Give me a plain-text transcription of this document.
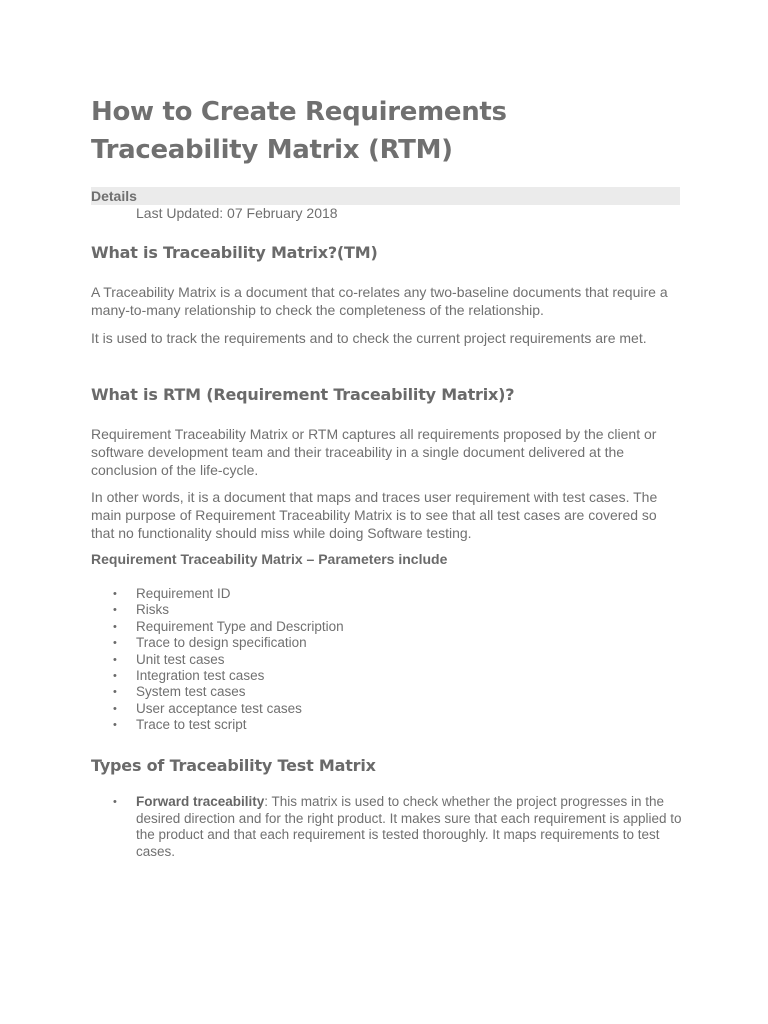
How to Create Requirements Traceability Matrix (RTM)
Details
Last Updated: 07 February 2018
What is Traceability Matrix?(TM)

A Traceability Matrix is a document that co-relates any two-baseline documents that require a many-to-many relationship to check the completeness of the relationship.

It is used to track the requirements and to check the current project requirements are met.

What is RTM (Requirement Traceability Matrix)?

Requirement Traceability Matrix or RTM captures all requirements proposed by the client or software development team and their traceability in a single document delivered at the conclusion of the life-cycle.

In other words, it is a document that maps and traces user requirement with test cases. The main purpose of Requirement Traceability Matrix is to see that all test cases are covered so that no functionality should miss while doing Software testing.

Requirement Traceability Matrix – Parameters include
• Requirement ID
• Risks
• Requirement Type and Description
• Trace to design specification
• Unit test cases
• Integration test cases
• System test cases
• User acceptance test cases
• Trace to test script
Types of Traceability Test Matrix
• Forward traceability: This matrix is used to check whether the project progresses in the desired direction and for the right product. It makes sure that each requirement is applied to the product and that each requirement is tested thoroughly. It maps requirements to test cases.
